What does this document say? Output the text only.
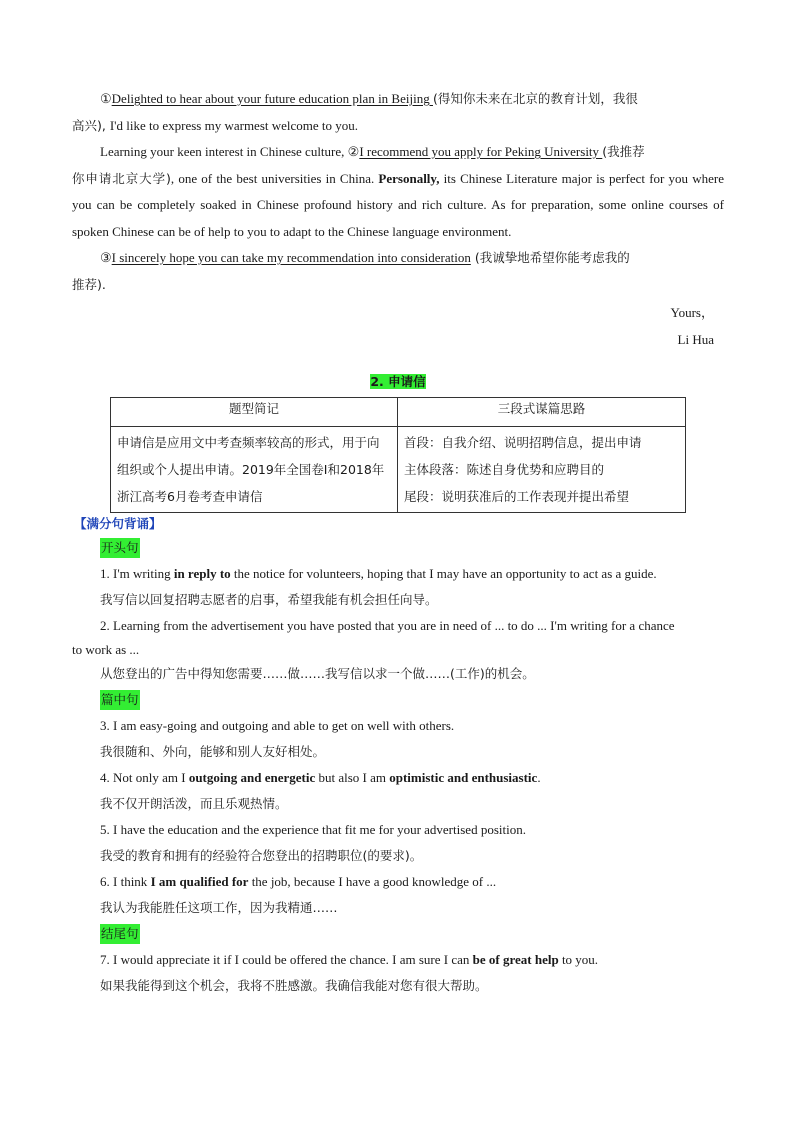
①Delighted to hear about your future education plan in Beijing (得知你未来在北京的教育计划，我很
高兴), I'd like to express my warmest welcome to you.

Learning your keen interest in Chinese culture, ②I recommend you apply for Peking University (我推荐
你申请北京大学), one of the best universities in China. Personally, its Chinese Literature major is perfect for you where you can be completely soaked in Chinese profound history and rich culture. As for preparation, some online courses of spoken Chinese can be of help to you to adapt to the Chinese language environment.

③I sincerely hope you can take my recommendation into consideration (我诚挚地希望你能考虑我的
推荐).

Yours，
Li Hua
2. 申请信
题型简记	三段式谋篇思路
申请信是应用文中考查频率较高的形式，用于向组织或个人提出申请。2019年全国卷Ⅰ和2018年浙江高考6月卷考查申请信	首段：自我介绍、说明招聘信息，提出申请
主体段落：陈述自身优势和应聘目的
尾段：说明获准后的工作表现并提出希望
【满分句背诵】
开头句
1. I'm writing in reply to the notice for volunteers, hoping that I may have an opportunity to act as a guide.
我写信以回复招聘志愿者的启事，希望我能有机会担任向导。
2. Learning from the advertisement you have posted that you are in need of ... to do ... I'm writing for a chance
to work as ...
从您登出的广告中得知您需要……做……我写信以求一个做……(工作)的机会。
篇中句
3. I am easy-going and outgoing and able to get on well with others.
我很随和、外向，能够和别人友好相处。
4. Not only am I outgoing and energetic but also I am optimistic and enthusiastic.
我不仅开朗活泼，而且乐观热情。
5. I have the education and the experience that fit me for your advertised position.
我受的教育和拥有的经验符合您登出的招聘职位(的要求)。
6. I think I am qualified for the job, because I have a good knowledge of ...
我认为我能胜任这项工作，因为我精通……
结尾句
7. I would appreciate it if I could be offered the chance. I am sure I can be of great help to you.
如果我能得到这个机会，我将不胜感激。我确信我能对您有很大帮助。
